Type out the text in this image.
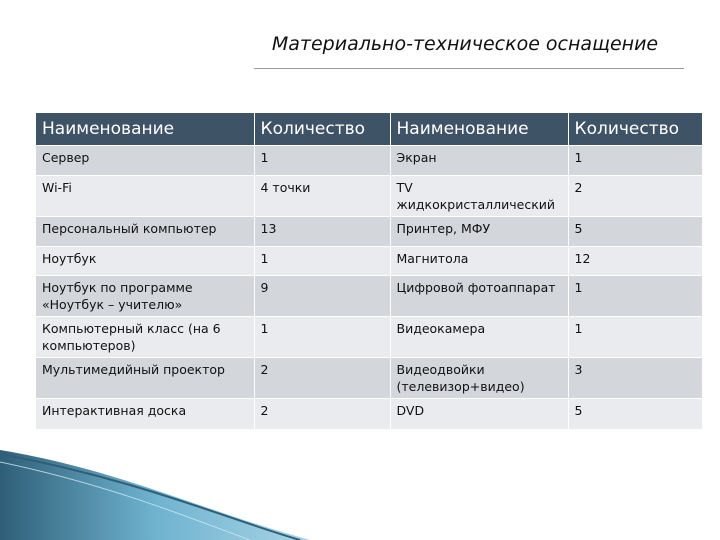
Материально-техническое оснащение
Наименование	Количество	Наименование	Количество
Сервер	1	Экран	1
Wi-Fi	4 точки	TV жидкокристаллический	2
Персональный компьютер	13	Принтер, МФУ	5
Ноутбук	1	Магнитола	12
Ноутбук по программе «Ноутбук – учителю»	9	Цифровой фотоаппарат	1
Компьютерный класс (на 6 компьютеров)	1	Видеокамера	1
Мультимедийный проектор	2	Видеодвойки (телевизор+видео)	3
Интерактивная доска	2	DVD	5
